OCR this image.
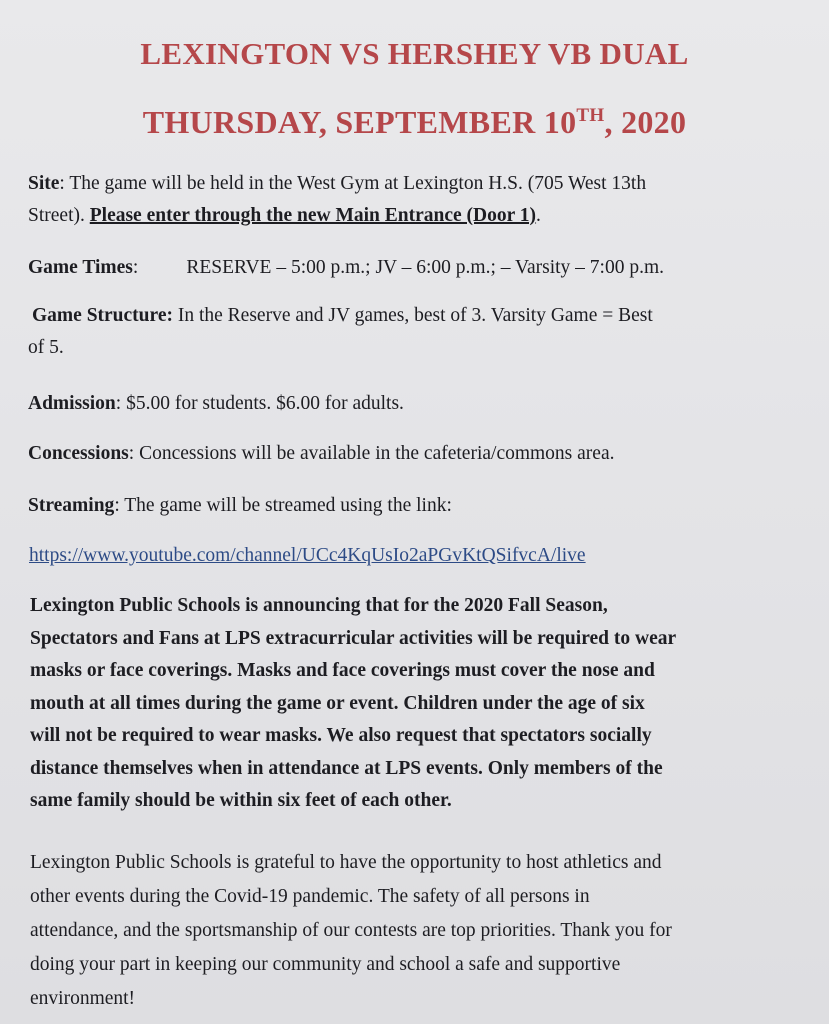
LEXINGTON VS HERSHEY VB DUAL
THURSDAY, SEPTEMBER 10TH, 2020
Site: The game will be held in the West Gym at Lexington H.S. (705 West 13th
Street). Please enter through the new Main Entrance (Door 1).
Game Times: RESERVE – 5:00 p.m.; JV – 6:00 p.m.; – Varsity – 7:00 p.m.
Game Structure: In the Reserve and JV games, best of 3. Varsity Game = Best
of 5.
Admission: $5.00 for students. $6.00 for adults.
Concessions: Concessions will be available in the cafeteria/commons area.
Streaming: The game will be streamed using the link:
https://www.youtube.com/channel/UCc4KqUsIo2aPGvKtQSifvcA/live
Lexington Public Schools is announcing that for the 2020 Fall Season,
Spectators and Fans at LPS extracurricular activities will be required to wear
masks or face coverings. Masks and face coverings must cover the nose and
mouth at all times during the game or event. Children under the age of six
will not be required to wear masks. We also request that spectators socially
distance themselves when in attendance at LPS events. Only members of the
same family should be within six feet of each other.
Lexington Public Schools is grateful to have the opportunity to host athletics and
other events during the Covid-19 pandemic. The safety of all persons in
attendance, and the sportsmanship of our contests are top priorities. Thank you for
doing your part in keeping our community and school a safe and supportive
environment!
